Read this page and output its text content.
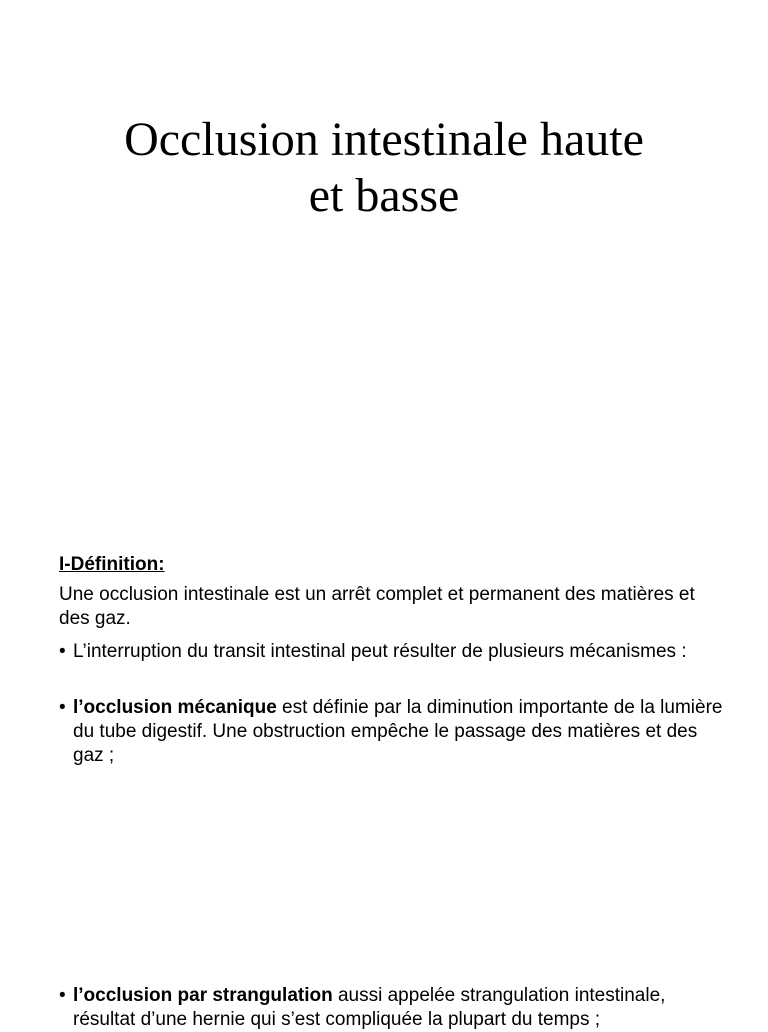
Occlusion intestinale haute
et basse
I-Définition:
Une occlusion intestinale est un arrêt complet et permanent des matières et des gaz.
• L’interruption du transit intestinal peut résulter de plusieurs mécanismes :
• l’occlusion mécanique est définie par la diminution importante de la lumière du tube digestif. Une obstruction empêche le passage des matières et des gaz ;
• l’occlusion par strangulation aussi appelée strangulation intestinale, résultat d’une hernie qui s’est compliquée la plupart du temps ;
